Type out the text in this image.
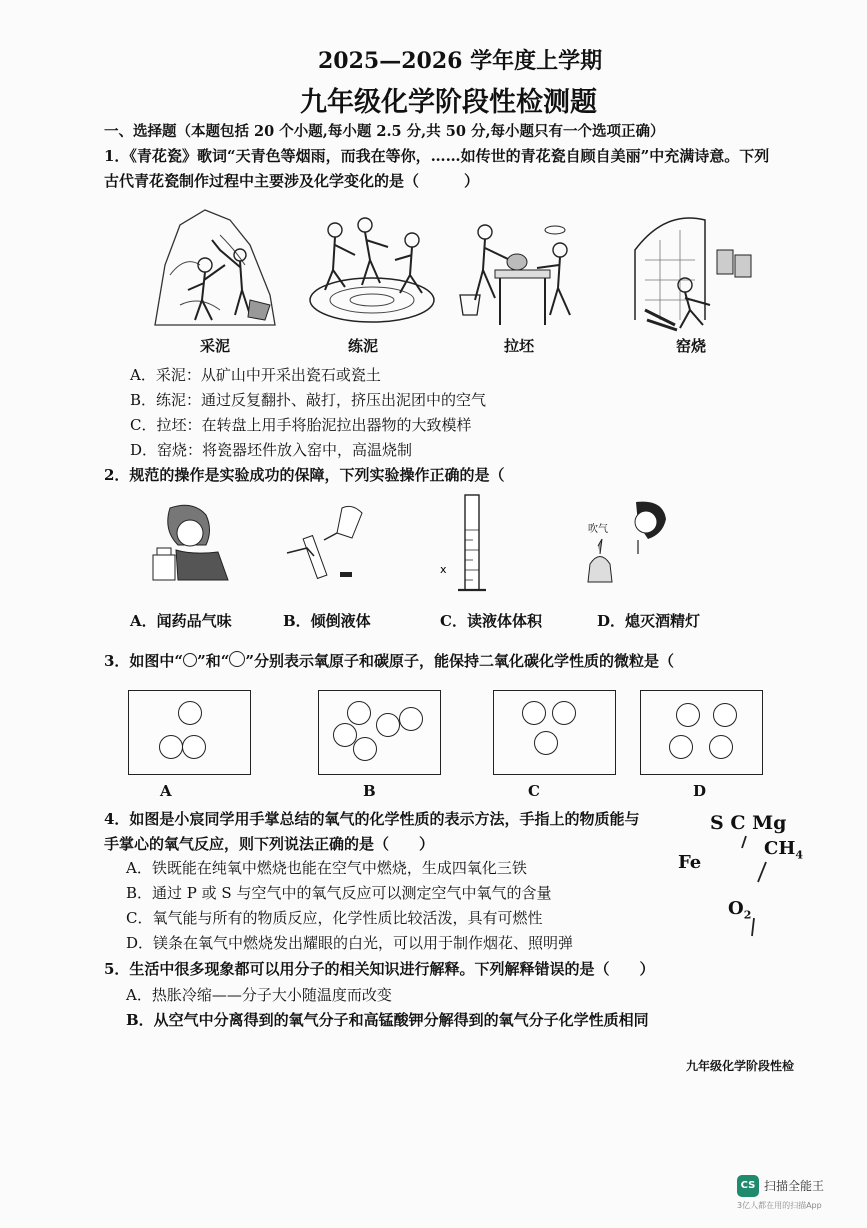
2025—2026 学年度上学期
九年级化学阶段性检测题
一、选择题（本题包括 20 个小题,每小题 2.5 分,共 50 分,每小题只有一个选项正确）
1．《青花瓷》歌词“天青色等烟雨，而我在等你，……如传世的青花瓷自顾自美丽”中充满诗意。下列
古代青花瓷制作过程中主要涉及化学变化的是（　　　）
采泥	练泥	拉坯	窑烧
A．采泥：从矿山中开采出瓷石或瓷土
B．练泥：通过反复翻扑、敲打，挤压出泥团中的空气
C．拉坯：在转盘上用手将胎泥拉出器物的大致模样
D．窑烧：将瓷器坯件放入窑中，高温烧制
2．规范的操作是实验成功的保障，下列实验操作正确的是（
x
吹气
A．闻药品气味	B．倾倒液体	C．读液体体积	D．熄灭酒精灯
3．如图中“ ”和“ ”分别表示氧原子和碳原子，能保持二氧化碳化学性质的微粒是（
A	B	C	D
4．如图是小宸同学用手掌总结的氧气的化学性质的表示方法，手指上的物质能与
手掌心的氧气反应，则下列说法正确的是（　　）
A．铁既能在纯氧中燃烧也能在空气中燃烧，生成四氧化三铁
B．通过 P 或 S 与空气中的氧气反应可以测定空气中氧气的含量
C．氧气能与所有的物质反应，化学性质比较活泼，具有可燃性
D．镁条在氧气中燃烧发出耀眼的白光，可以用于制作烟花、照明弹
S C Mg
$CH_4$
Fe
$O_2$
5．生活中很多现象都可以用分子的相关知识进行解释。下列解释错误的是（　　）
A．热胀冷缩——分子大小随温度而改变
B．从空气中分离得到的氧气分子和高锰酸钾分解得到的氧气分子化学性质相同
九年级化学阶段性检
CS 扫描全能王
3亿人都在用的扫描App
